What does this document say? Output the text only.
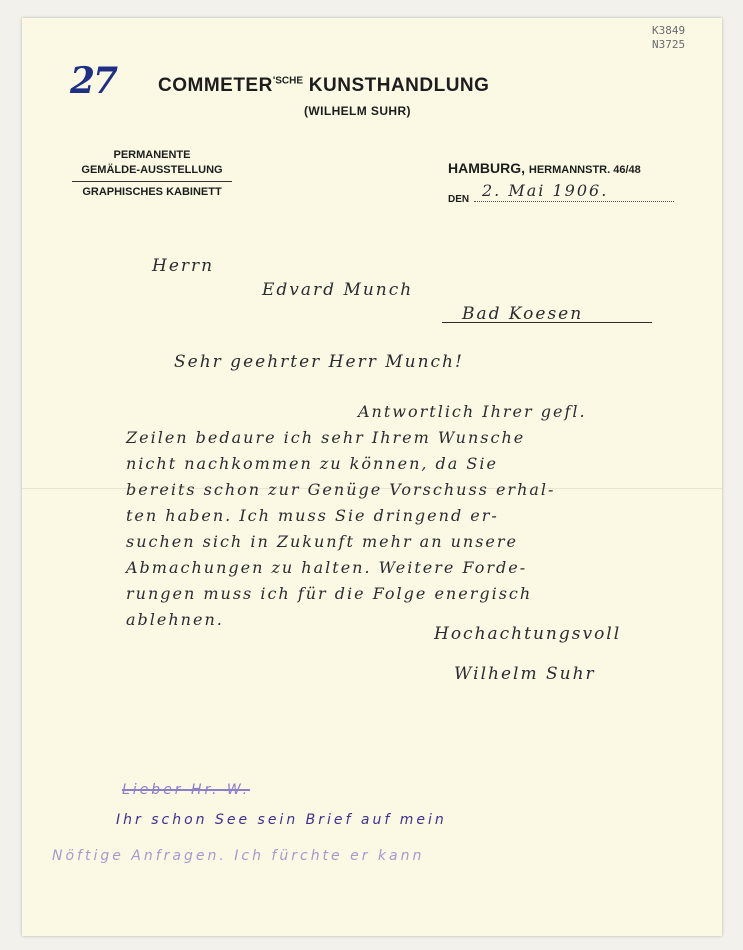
K3849
N3725
27 $COMMETER^{'SCHE}$ KUNSTHANDLUNG
(WILHELM SUHR)
PERMANENTE
GEMÄLDE-AUSSTELLUNG
GRAPHISCHES KABINETT
HAMBURG, HERMANNSTR. 46/48
DEN 2. Mai 1906.
Herrn
Edvard Munch
Bad Koesen
Sehr geehrter Herr Munch!
Antwortlich Ihrer gefl.
Zeilen bedaure ich sehr Ihrem Wunsche
nicht nachkommen zu können, da Sie
bereits schon zur Genüge Vorschuss erhal-
ten haben. Ich muss Sie dringend er-
suchen sich in Zukunft mehr an unsere
Abmachungen zu halten. Weitere Forde-
rungen muss ich für die Folge energisch
ablehnen.
Hochachtungsvoll
Wilhelm Suhr
Lieber Hr. W.
Ihr schon See sein Brief auf mein
Nöftige Anfragen. Ich fürchte er kann
